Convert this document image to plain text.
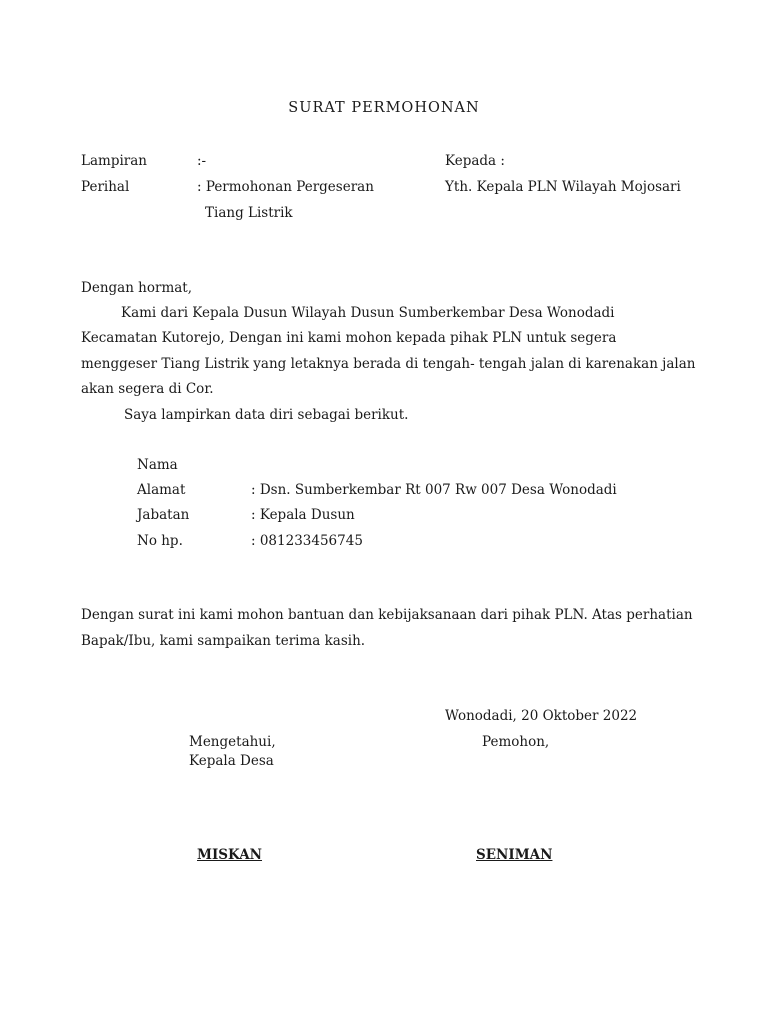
SURAT PERMOHONAN
Lampiran	:-	Kepada :
Perihal	: Permohonan Pergeseran	Yth. Kepala PLN Wilayah Mojosari
Tiang Listrik
Dengan hormat,
Kami dari Kepala Dusun Wilayah Dusun Sumberkembar Desa Wonodadi
Kecamatan Kutorejo, Dengan ini kami mohon kepada pihak PLN untuk segera
menggeser Tiang Listrik yang letaknya berada di tengah- tengah jalan di karenakan jalan
akan segera di Cor.
Saya lampirkan data diri sebagai berikut.
Nama
Alamat	: Dsn. Sumberkembar Rt 007 Rw 007 Desa Wonodadi
Jabatan	: Kepala Dusun
No hp.	: 081233456745
Dengan surat ini kami mohon bantuan dan kebijaksanaan dari pihak PLN. Atas perhatian
Bapak/Ibu, kami sampaikan terima kasih.
Wonodadi, 20 Oktober 2022
Mengetahui,	Pemohon,
Kepala Desa
MISKAN	SENIMAN
